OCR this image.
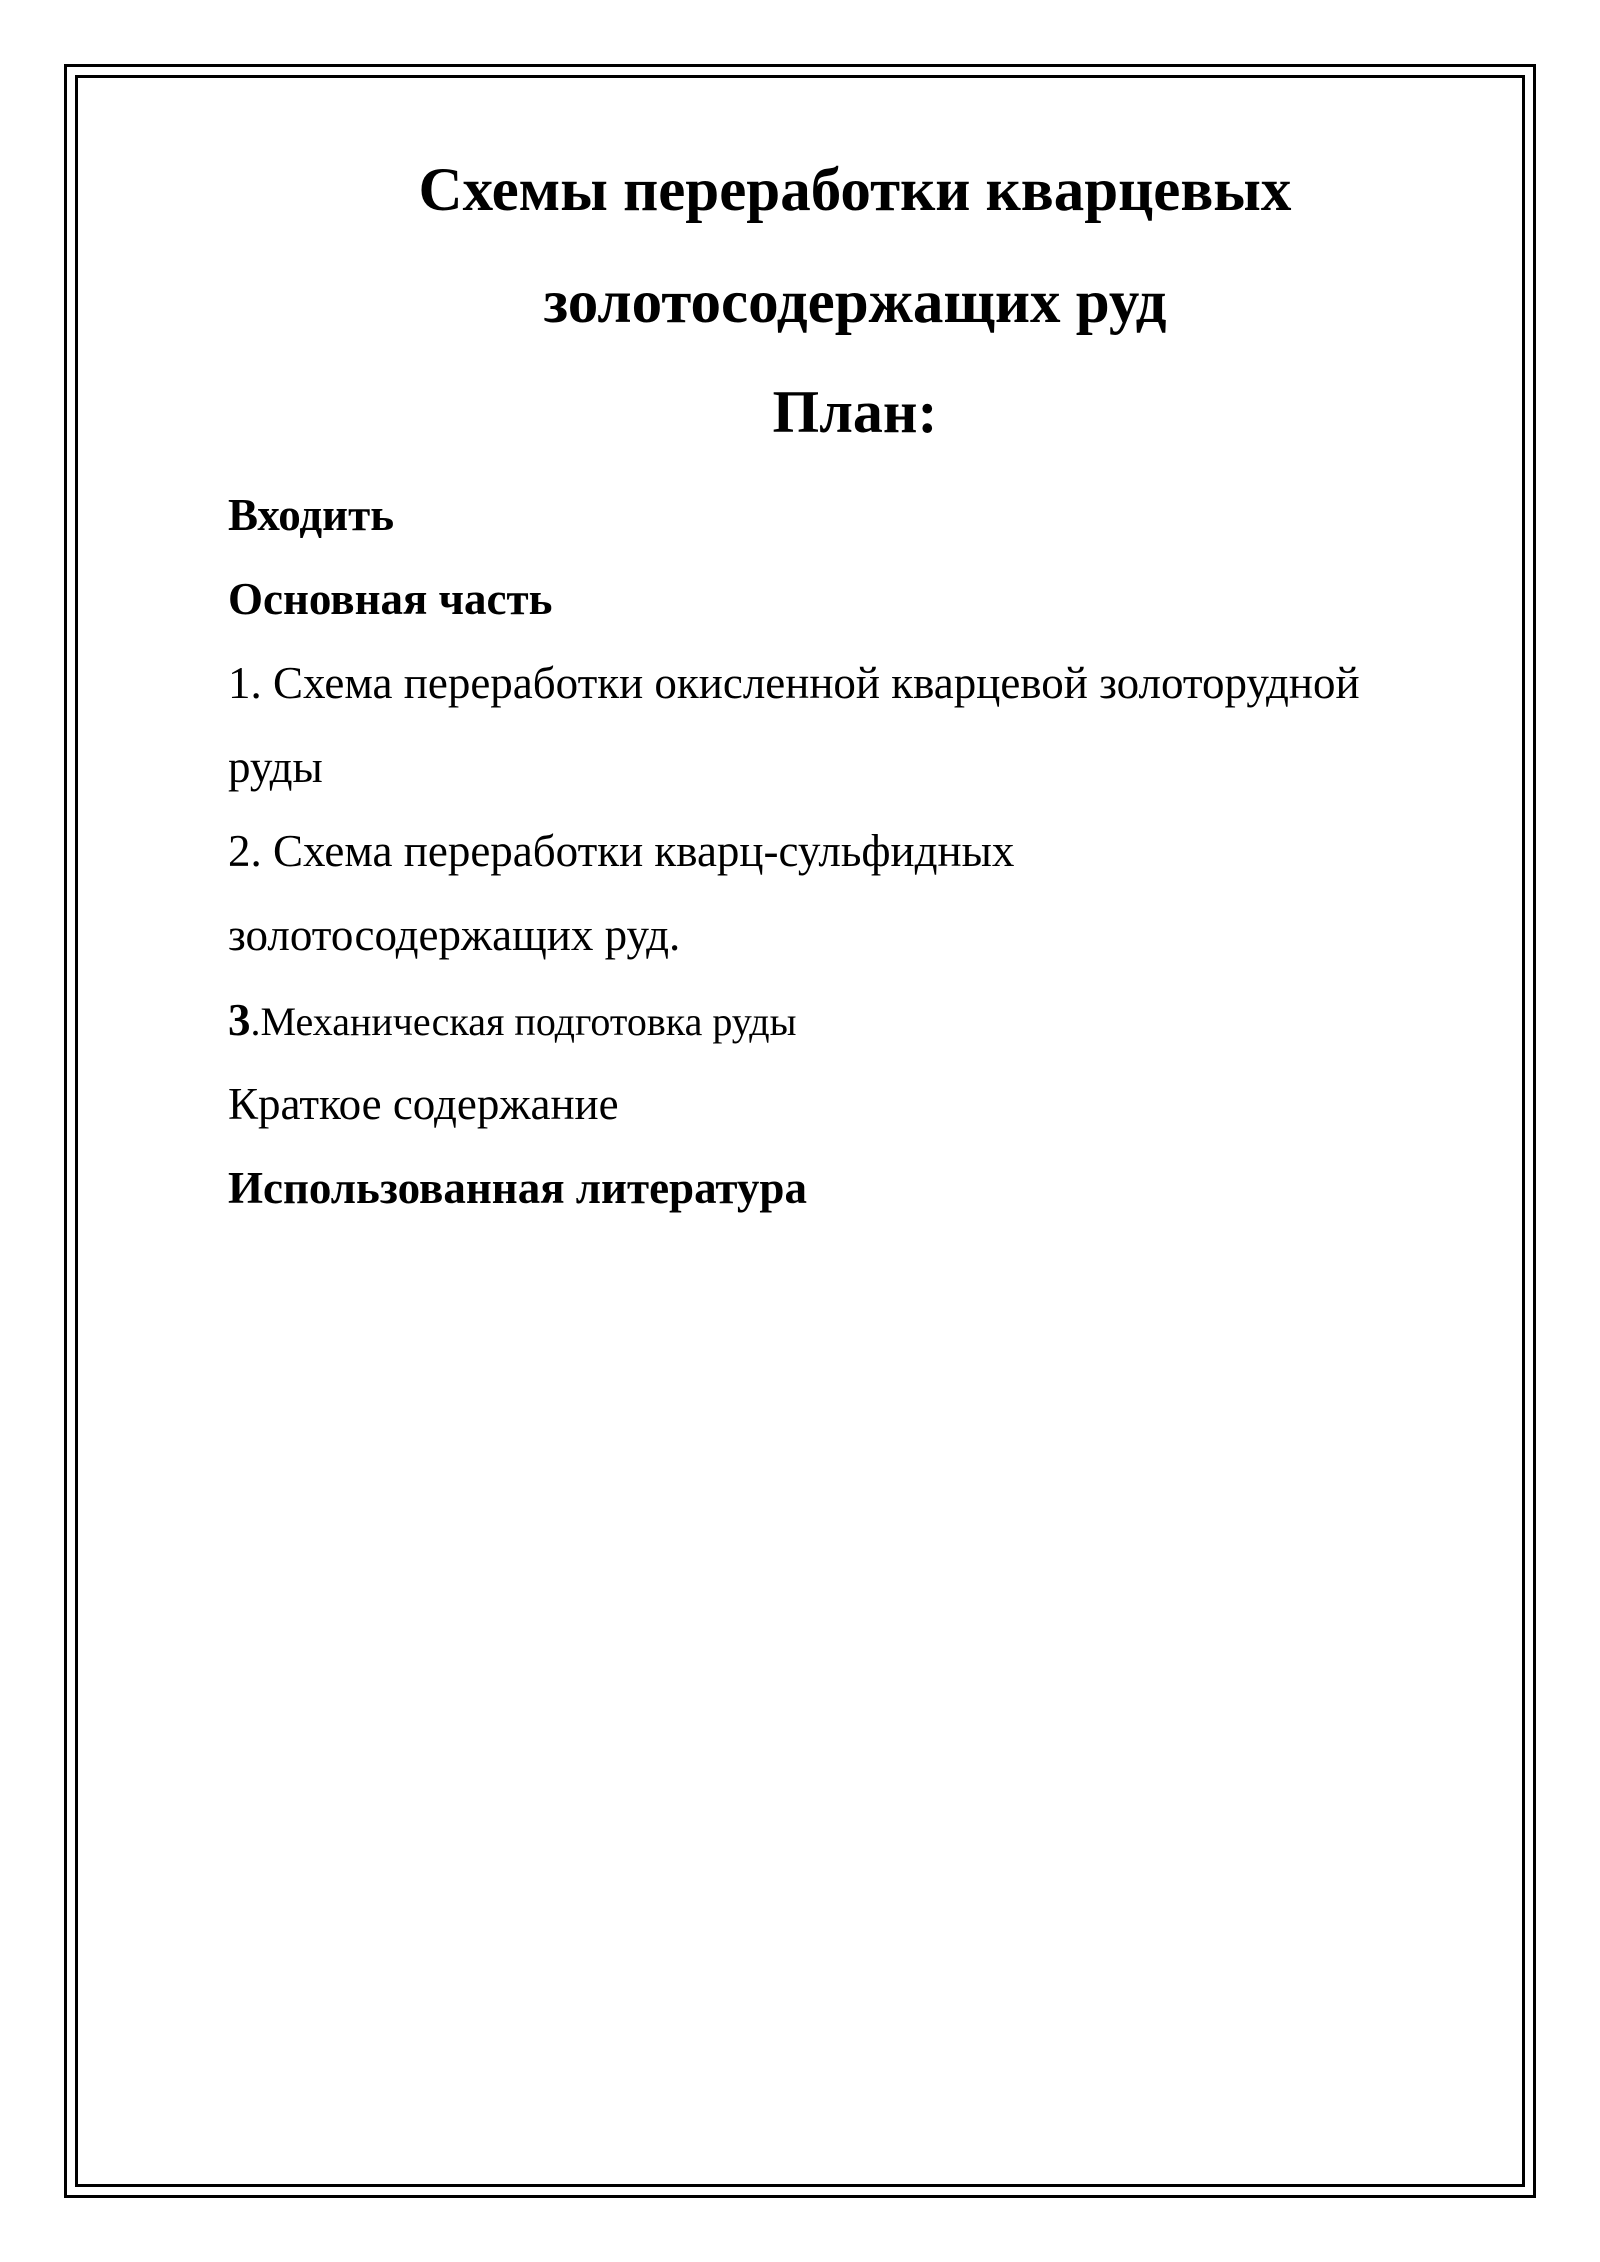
Схемы переработки кварцевых
золотосодержащих руд
План:

Входить

Основная часть

1. Схема переработки окисленной кварцевой золоторудной

руды

2. Схема переработки кварц-сульфидных

золотосодержащих руд.

3.Механическая подготовка руды

Краткое содержание

Использованная литература
